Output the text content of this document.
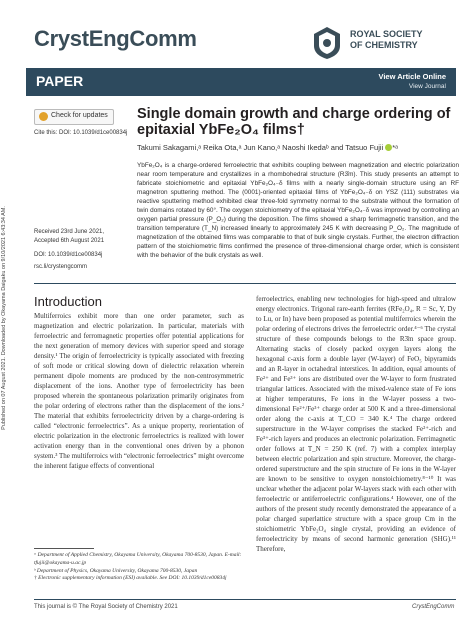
Published on 07 August 2021. Downloaded by Okayama Daigaku on 9/10/2021 6:43:34 AM.
CrystEngComm	ROYAL SOCIETY
OF CHEMISTRY
PAPER	View Article Online
View Journal
Check for updates
Cite this: DOI: 10.1039/d1ce00834j
Single domain growth and charge ordering of
epitaxial YbFe₂O₄ films†
Takumi Sakagami,ᵃ Reika Ota,ᵃ Jun Kano,ᵃ Naoshi Ikedaᵇ and Tatsuo Fujii *ᵃ
YbFe₂O₄ is a charge-ordered ferroelectric that exhibits coupling between magnetization and electric polarization near room temperature and crystallizes in a rhombohedral structure (R3̄m). This study presents an attempt to fabricate stoichiometric and epitaxial YbFe₂O₄₋δ films with a nearly single-domain structure using an RF magnetron sputtering method. The (0001)-oriented epitaxial films of YbFe₂O₄₋δ on YSZ (111) substrates via reactive sputtering method exhibited clear three-fold symmetry normal to the substrate without the formation of twin domains rotated by 60°. The oxygen stoichiometry of the epitaxial YbFe₂O₄₋δ was improved by controlling an oxygen partial pressure (P_O₂) during the deposition. The films showed a sharp ferrimagnetic transition, and the transition temperature (T_N) increased linearly to approximately 245 K with decreasing P_O₂. The magnitude of magnetization of the obtained films was comparable to that of bulk single crystals. Further, the electron diffraction pattern of the stoichiometric films confirmed the presence of three-dimensional charge order, which is consistent with the behavior of the bulk crystals as well.
Received 23rd June 2021,
Accepted 6th August 2021
DOI: 10.1039/d1ce00834j
rsc.li/crystengcomm
Introduction
Multiferroics exhibit more than one order parameter, such as magnetization and electric polarization. In particular, materials with ferroelectric and ferromagnetic properties offer potential applications for the next generation of memory devices with superior speed and storage density.¹ The origin of ferroelectricity is typically associated with freezing of soft mode or critical slowing down of dielectric relaxation wherein permanent dipole moments are produced by the non-centrosymmetric displacement of the ions. Another type of ferroelectricity has been proposed wherein the spontaneous polarization primarily originates from the polar ordering of electrons rather than the displacement of the ions.² The material that exhibits ferroelectricity driven by a charge-ordering is called “electronic ferroelectrics”. As a unique property, reorientation of electric polarization in the electronic ferroelectrics is realized with lower activation energy than in the conventional ones driven by a phonon system.³ The multiferroics with “electronic ferroelectrics” might overcome the inherent fatigue effects of conventional
ferroelectrics, enabling new technologies for high-speed and ultralow energy electronics. Trigonal rare-earth ferrites (RFe₂O₄, R = Sc, Y, Dy to Lu, or In) have been proposed as potential multiferroics wherein the polar ordering of electrons drives the ferroelectric order.⁴⁻⁶ The crystal structure of these compounds belongs to the R3̄m space group. Alternating stacks of closely packed oxygen layers along the hexagonal c-axis form a double layer (W-layer) of FeO₅ bipyramids and an R-layer in octahedral interstices. In addition, equal amounts of Fe²⁺ and Fe³⁺ ions are distributed over the W-layer to form frustrated triangular lattices. Associated with the mixed-valence state of Fe ions at higher temperatures, Fe ions in the W-layer possess a two-dimensional Fe²⁺/Fe³⁺ charge order at 500 K and a three-dimensional order along the c-axis at T_CO = 340 K.⁴ The charge ordered superstructure in the W-layer comprises the stacked Fe²⁺-rich and Fe³⁺-rich layers and produces an electronic polarization. Ferrimagnetic order follows at T_N = 250 K (ref. 7) with a complex interplay between electric polarization and spin structure. Moreover, the charge-ordered superstructure and the spin structure of Fe ions in the W-layer are known to be sensitive to oxygen nonstoichiometry.⁸⁻¹⁰ It was unclear whether the adjacent polar W-layers stack with each other with ferroelectric or antiferroelectric configurations.⁴ However, one of the authors of the present study recently demonstrated the appearance of a polar charged superlattice structure with a space group Cm in the stoichiometric YbFe₂O₄ single crystal, providing an evidence of ferroelectricity by means of second harmonic generation (SHG).¹¹ Therefore,
ᵃ Department of Applied Chemistry, Okayama University, Okayama 700-8530, Japan. E-mail: tfujii@okayama-u.ac.jp
ᵇ Department of Physics, Okayama University, Okayama 700-8530, Japan
† Electronic supplementary information (ESI) available. See DOI: 10.1039/d1ce00834j
This journal is © The Royal Society of Chemistry 2021	CrystEngComm
